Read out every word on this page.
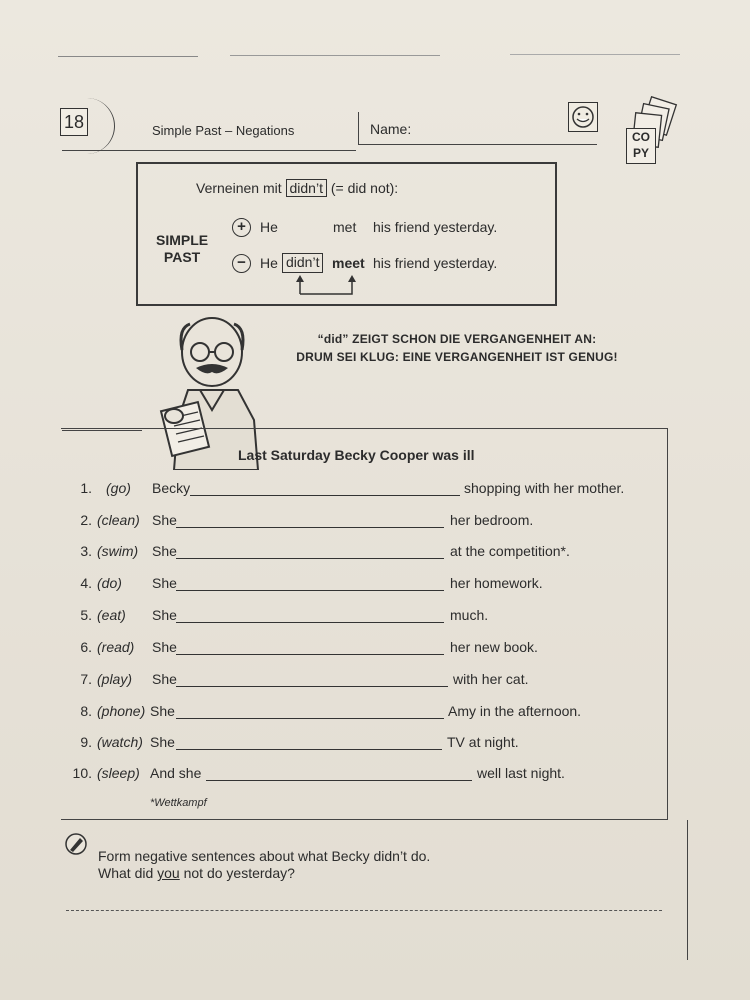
18	Simple Past – Negations	Name:	CO
PY
Verneinen mit didn’t (= did not):
SIMPLE
PAST
+	He	met his friend yesterday.
−	He didn’t meet his friend yesterday.
“did” ZEIGT SCHON DIE VERGANGENHEIT AN:
DRUM SEI KLUG: EINE VERGANGENHEIT IST GENUG!
Last Saturday Becky Cooper was ill
1. (go) Becky	shopping with her mother.
2. (clean) She	her bedroom.
3. (swim) She	at the competition*.
4. (do) She	her homework.
5. (eat) She	much.
6. (read) She	her new book.
7. (play) She	with her cat.
8. (phone) She	Amy in the afternoon.
9. (watch) She	TV at night.
10. (sleep) And she	well last night.
*Wettkampf
Form negative sentences about what Becky didn’t do.
What did you not do yesterday?
